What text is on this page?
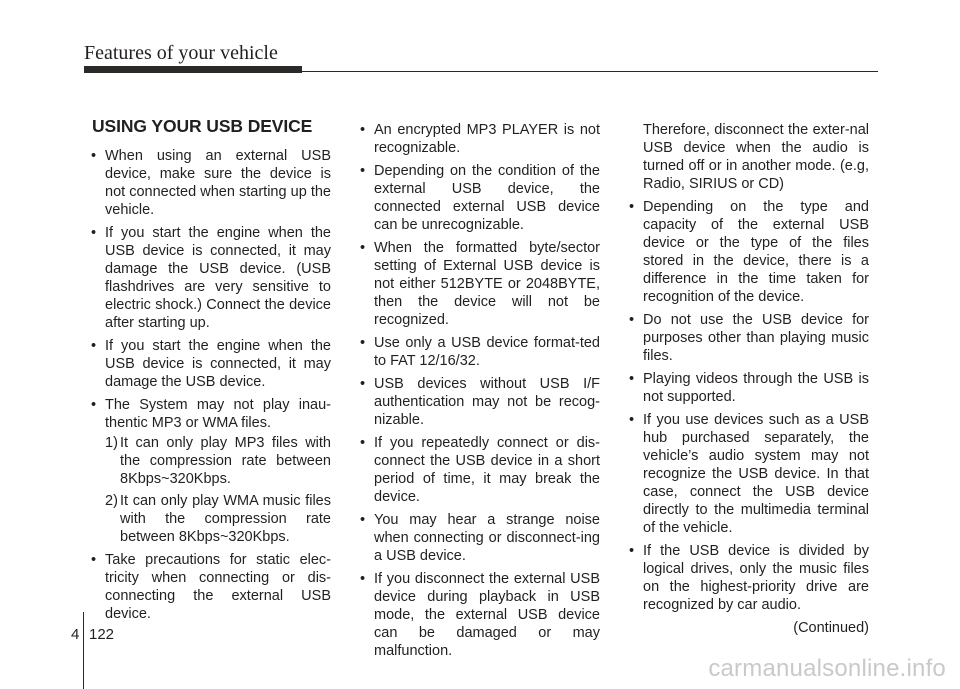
Features of your vehicle
USING YOUR USB DEVICE
• When using an external USB device, make sure the device is not connected when starting up the vehicle.
• If you start the engine when the USB device is connected, it may damage the USB device. (USB flashdrives are very sensitive to electric shock.) Connect the device after starting up.
• If you start the engine when the USB device is connected, it may damage the USB device.
• The System may not play inau-thentic MP3 or WMA files.
1) It can only play MP3 files with the compression rate between 8Kbps~320Kbps.
2) It can only play WMA music files with the compression rate between 8Kbps~320Kbps.
• Take precautions for static elec-tricity when connecting or dis-connecting the external USB device.
• An encrypted MP3 PLAYER is not recognizable.
• Depending on the condition of the external USB device, the connected external USB device can be unrecognizable.
• When the formatted byte/sector setting of External USB device is not either 512BYTE or 2048BYTE, then the device will not be recognized.
• Use only a USB device format-ted to FAT 12/16/32.
• USB devices without USB I/F authentication may not be recog-nizable.
• If you repeatedly connect or dis-connect the USB device in a short period of time, it may break the device.
• You may hear a strange noise when connecting or disconnect-ing a USB device.
• If you disconnect the external USB device during playback in USB mode, the external USB device can be damaged or may malfunction.
Therefore, disconnect the exter-nal USB device when the audio is turned off or in another mode. (e.g, Radio, SIRIUS or CD)
• Depending on the type and capacity of the external USB device or the type of the files stored in the device, there is a difference in the time taken for recognition of the device.
• Do not use the USB device for purposes other than playing music files.
• Playing videos through the USB is not supported.
• If you use devices such as a USB hub purchased separately, the vehicle’s audio system may not recognize the USB device. In that case, connect the USB device directly to the multimedia terminal of the vehicle.
• If the USB device is divided by logical drives, only the music files on the highest-priority drive are recognized by car audio.
(Continued)
4 122
carmanualsonline.info
